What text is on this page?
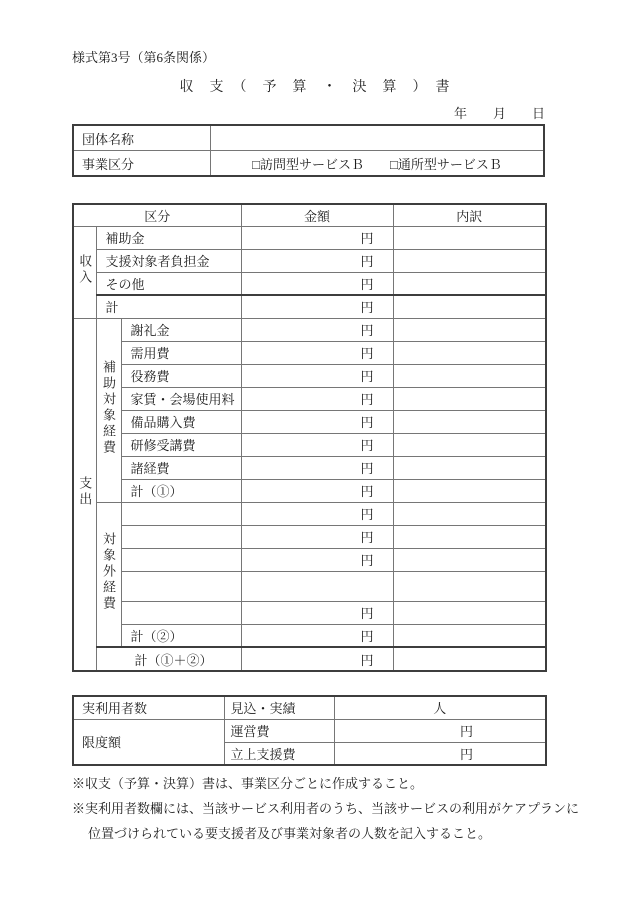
様式第3号（第6条関係）
収　支　（　予　算　・　決　算　）　書
年　　月　　日
団体名称	
事業区分	□訪問型サービスＢ □通所型サービスＢ
区分			金額	内訳
収入	補助金		円	
	支援対象者負担金		円	
	その他		円	
	計		円	
支出	補助対象経費	謝礼金	円	
		需用費	円	
		役務費	円	
		家賃・会場使用料	円	
		備品購入費	円	
		研修受講費	円	
		諸経費	円	
		計（①）	円	
	対象外経費		円	
			円	
			円	

			円	
		計（②）	円	
	計（①＋②）		円	
実利用者数	見込・実績	人
限度額	運営費	円
	立上支援費	円
※収支（予算・決算）書は、事業区分ごとに作成すること。
※実利用者数欄には、当該サービス利用者のうち、当該サービスの利用がケアプランに
位置づけられている要支援者及び事業対象者の人数を記入すること。
